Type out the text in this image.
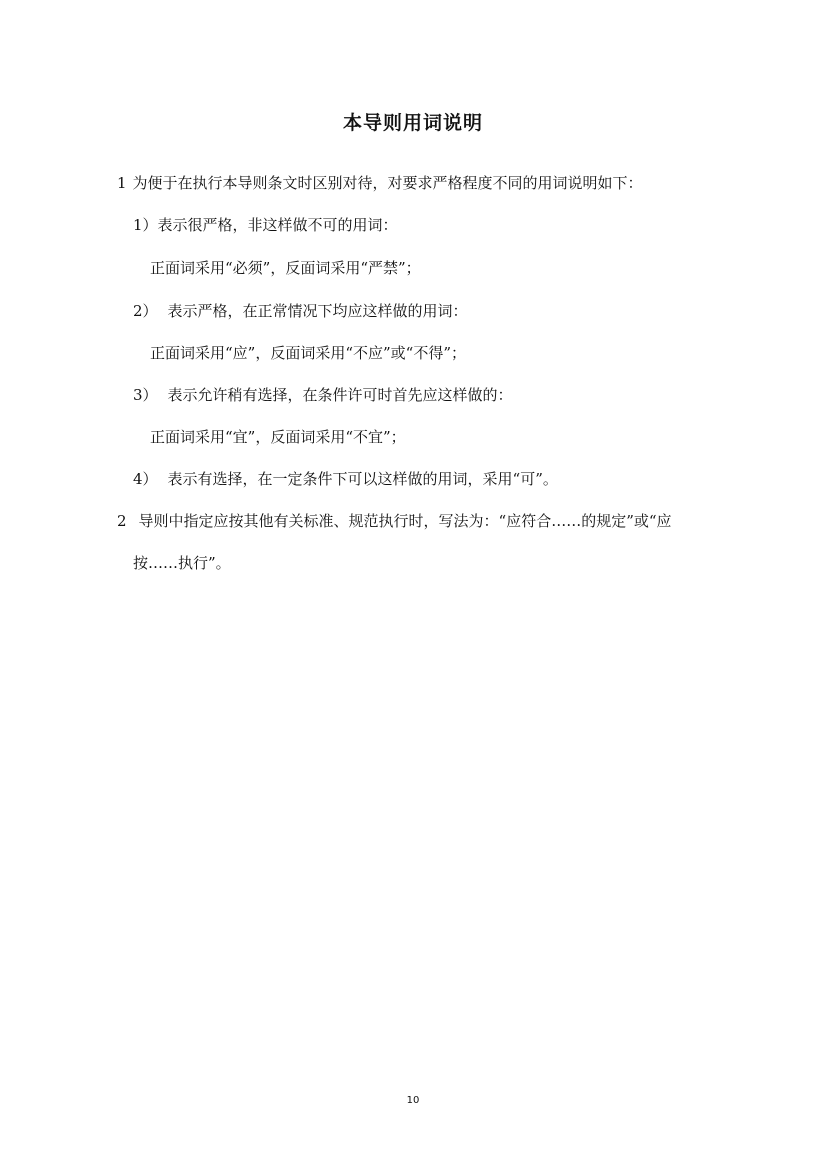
本导则用词说明
1 为便于在执行本导则条文时区别对待，对要求严格程度不同的用词说明如下：
1）表示很严格，非这样做不可的用词：
正面词采用“必须”，反面词采用“严禁”；
2） 表示严格，在正常情况下均应这样做的用词：
正面词采用“应”，反面词采用“不应”或“不得”；
3） 表示允许稍有选择，在条件许可时首先应这样做的：
正面词采用“宜”，反面词采用“不宜”；
4） 表示有选择，在一定条件下可以这样做的用词，采用“可”。
2 导则中指定应按其他有关标准、规范执行时，写法为：“应符合……的规定”或“应
按……执行”。
10
